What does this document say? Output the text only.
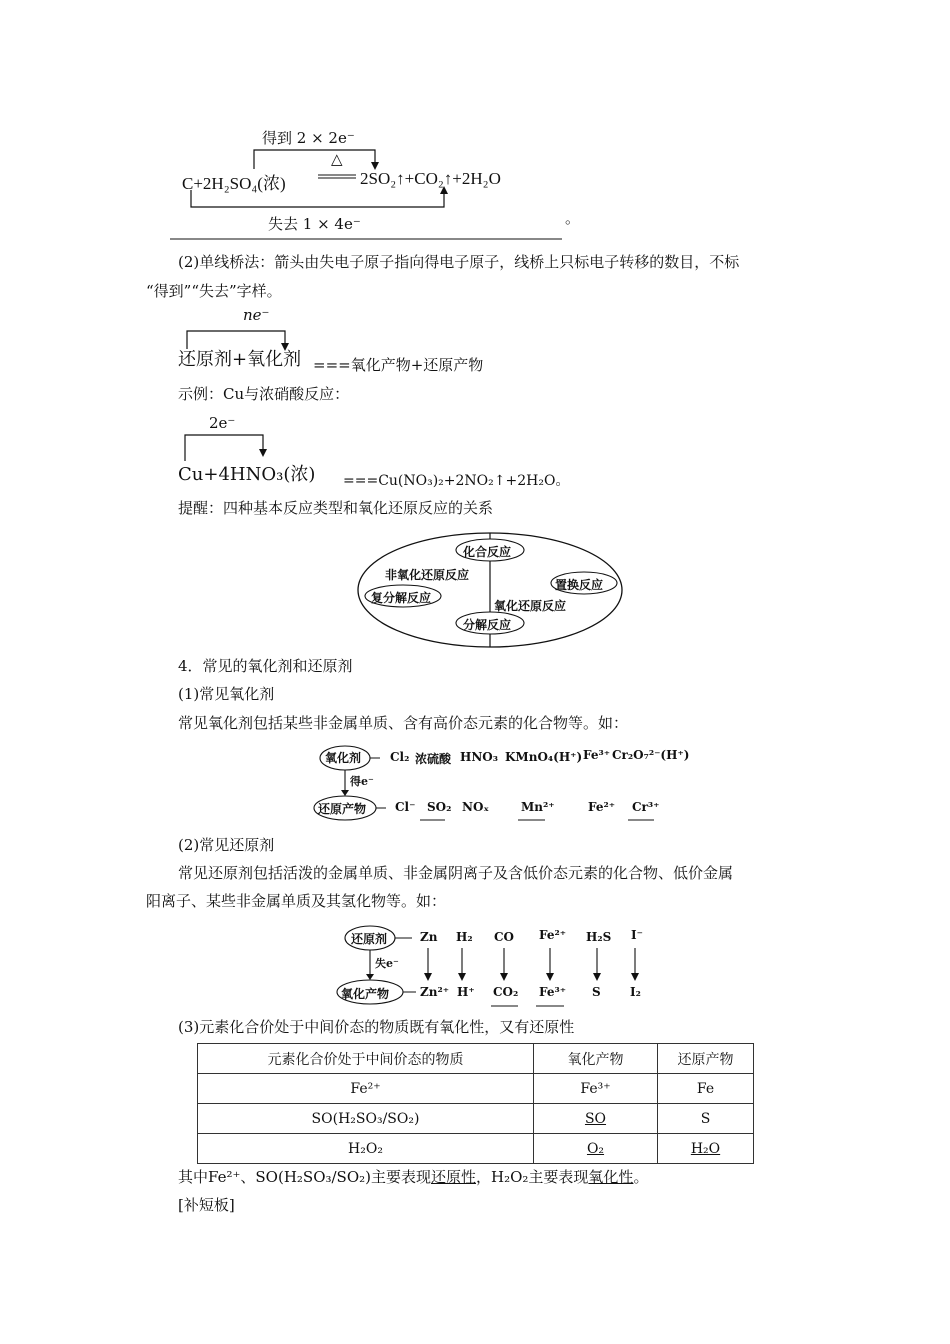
得到 2 × 2e⁻
△
C+2H₂SO₄(浓)	2SO₂↑+CO₂↑+2H₂O
失去 1 × 4e⁻	。
(2)单线桥法：箭头由失电子原子指向得电子原子，线桥上只标电子转移的数目，不标
“得到”“失去”字样。
ne⁻
还原剂+氧化剂 ===氧化产物+还原产物
示例：Cu与浓硝酸反应：
2e⁻
Cu+4HNO₃(浓) ===Cu(NO₃)₂+2NO₂↑+2H₂O。
提醒：四种基本反应类型和氧化还原反应的关系
化合反应
非氧化还原反应
置换反应
复分解反应
氧化还原反应
分解反应
4．常见的氧化剂和还原剂
(1)常见氧化剂
常见氧化剂包括某些非金属单质、含有高价态元素的化合物等。如：
氧化剂
得e⁻
还原产物
Cl₂ 浓硫酸 HNO₃ KMnO₄(H⁺) Fe³⁺ Cr₂O₇²⁻(H⁺)
Cl⁻ SO₂ NOₓ	Mn²⁺	Fe²⁺ Cr³⁺
(2)常见还原剂
常见还原剂包括活泼的金属单质、非金属阴离子及含低价态元素的化合物、低价金属
阳离子、某些非金属单质及其氢化物等。如：
还原剂
失e⁻
氧化产物
Zn H₂ CO Fe²⁺ H₂S I⁻
Zn²⁺ H⁺ CO₂ Fe³⁺ S I₂
(3)元素化合价处于中间价态的物质既有氧化性，又有还原性
元素化合价处于中间价态的物质	氧化产物	还原产物
Fe²⁺	Fe³⁺	Fe
SO(H₂SO₃/SO₂)	SO	S
H₂O₂	O₂	H₂O
其中Fe²⁺、SO(H₂SO₃/SO₂)主要表现还原性，H₂O₂主要表现氧化性。
[补短板]
